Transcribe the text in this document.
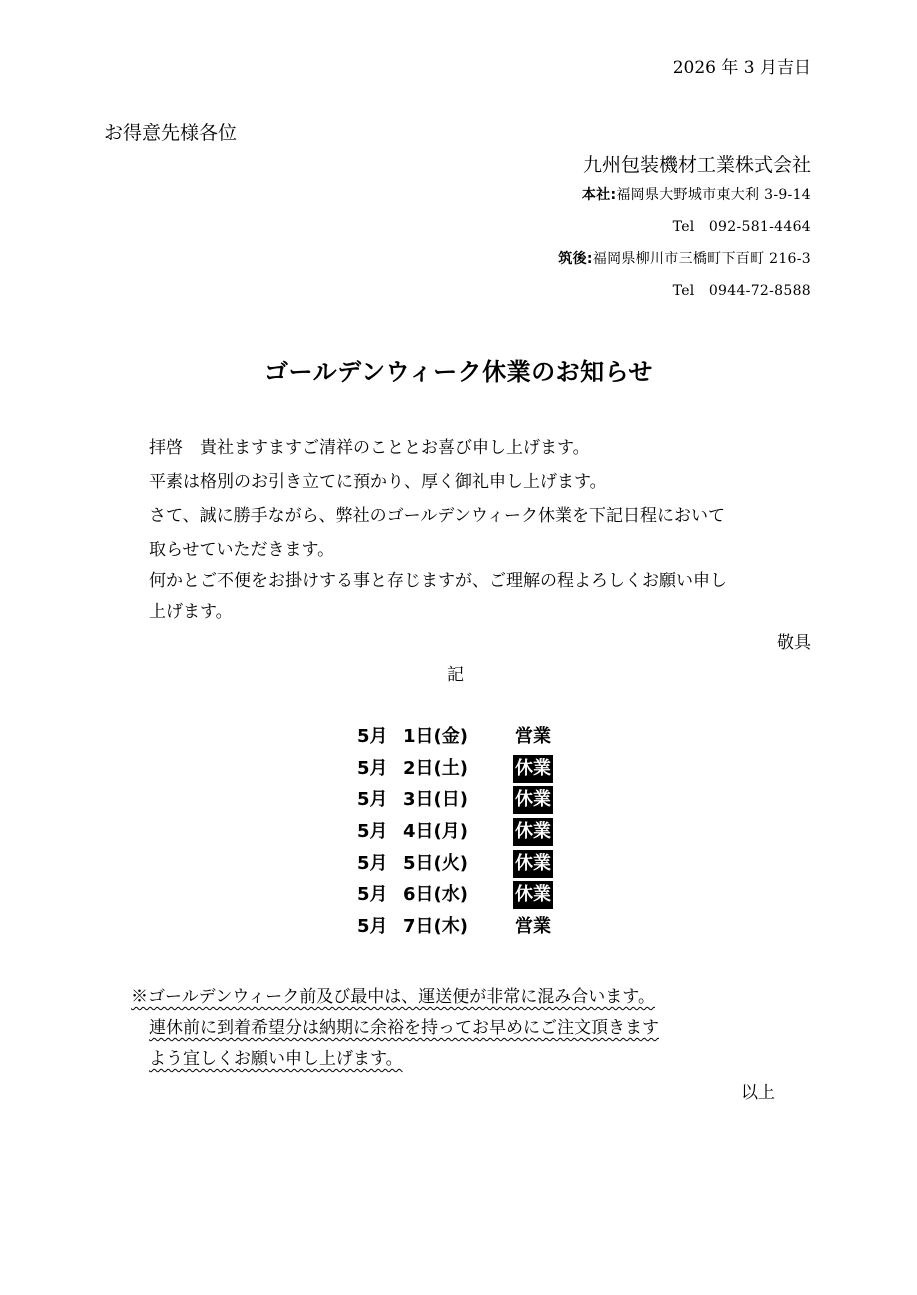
2026 年 3 月吉日
お得意先様各位
九州包装機材工業株式会社
本社:福岡県大野城市東大利 3-9-14
Tel　092-581-4464
筑後:福岡県柳川市三橋町下百町 216-3
Tel　0944-72-8588
ゴールデンウィーク休業のお知らせ
拝啓　貴社ますますご清祥のこととお喜び申し上げます。
平素は格別のお引き立てに預かり、厚く御礼申し上げます。
さて、誠に勝手ながら、弊社のゴールデンウィーク休業を下記日程において
取らせていただきます。
何かとご不便をお掛けする事と存じますが、ご理解の程よろしくお願い申し
上げます。
敬具
記
5月 1日(金)	営業
5月 2日(土)	休業
5月 3日(日)	休業
5月 4日(月)	休業
5月 5日(火)	休業
5月 6日(水)	休業
5月 7日(木)	営業
※ゴールデンウィーク前及び最中は、運送便が非常に混み合います。
連休前に到着希望分は納期に余裕を持ってお早めにご注文頂きます
よう宜しくお願い申し上げます。
以上
